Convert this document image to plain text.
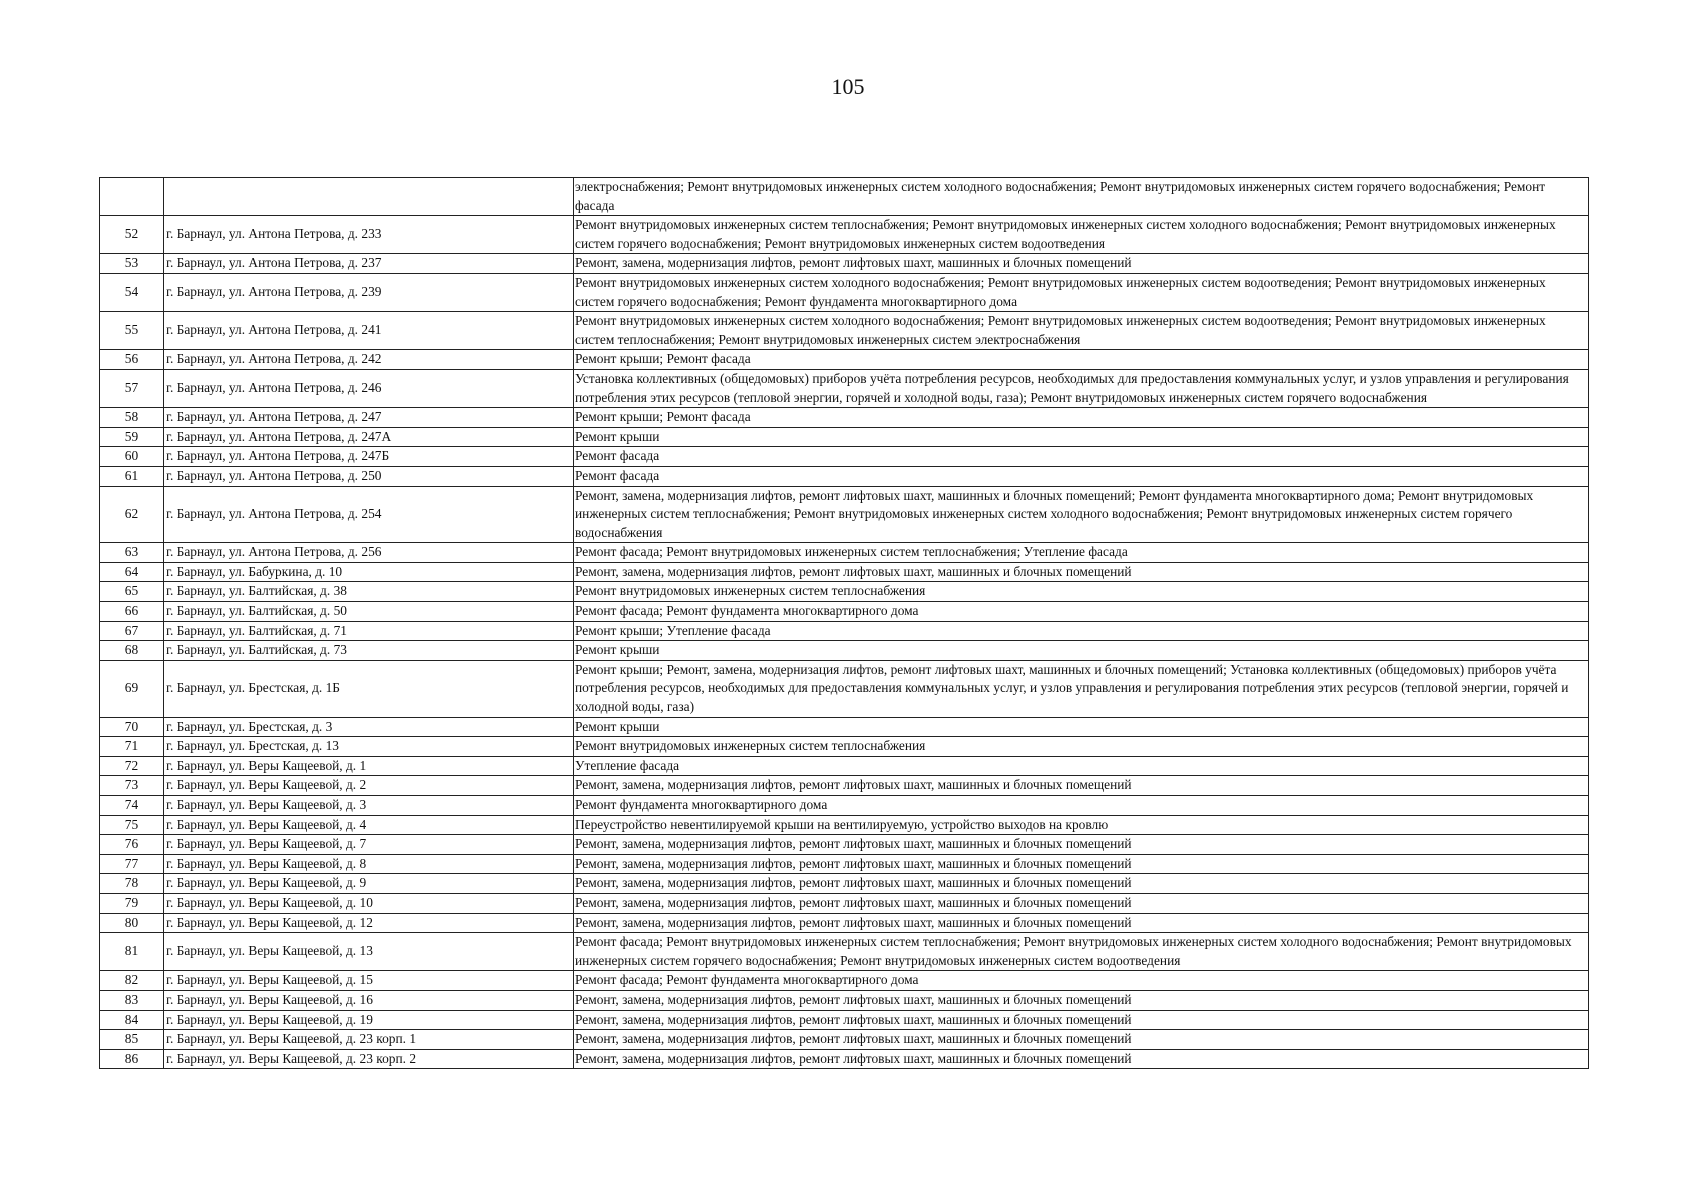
105
		электроснабжения; Ремонт внутридомовых инженерных систем холодного водоснабжения; Ремонт внутридомовых инженерных систем горячего водоснабжения; Ремонт фасада
52	г. Барнаул, ул. Антона Петрова, д. 233	Ремонт внутридомовых инженерных систем теплоснабжения; Ремонт внутридомовых инженерных систем холодного водоснабжения; Ремонт внутридомовых инженерных систем горячего водоснабжения; Ремонт внутридомовых инженерных систем водоотведения
53	г. Барнаул, ул. Антона Петрова, д. 237	Ремонт, замена, модернизация лифтов, ремонт лифтовых шахт, машинных и блочных помещений
54	г. Барнаул, ул. Антона Петрова, д. 239	Ремонт внутридомовых инженерных систем холодного водоснабжения; Ремонт внутридомовых инженерных систем водоотведения; Ремонт внутридомовых инженерных систем горячего водоснабжения; Ремонт фундамента многоквартирного дома
55	г. Барнаул, ул. Антона Петрова, д. 241	Ремонт внутридомовых инженерных систем холодного водоснабжения; Ремонт внутридомовых инженерных систем водоотведения; Ремонт внутридомовых инженерных систем теплоснабжения; Ремонт внутридомовых инженерных систем электроснабжения
56	г. Барнаул, ул. Антона Петрова, д. 242	Ремонт крыши; Ремонт фасада
57	г. Барнаул, ул. Антона Петрова, д. 246	Установка коллективных (общедомовых) приборов учёта потребления ресурсов, необходимых для предоставления коммунальных услуг, и узлов управления и регулирования потребления этих ресурсов (тепловой энергии, горячей и холодной воды, газа); Ремонт внутридомовых инженерных систем горячего водоснабжения
58	г. Барнаул, ул. Антона Петрова, д. 247	Ремонт крыши; Ремонт фасада
59	г. Барнаул, ул. Антона Петрова, д. 247А	Ремонт крыши
60	г. Барнаул, ул. Антона Петрова, д. 247Б	Ремонт фасада
61	г. Барнаул, ул. Антона Петрова, д. 250	Ремонт фасада
62	г. Барнаул, ул. Антона Петрова, д. 254	Ремонт, замена, модернизация лифтов, ремонт лифтовых шахт, машинных и блочных помещений; Ремонт фундамента многоквартирного дома; Ремонт внутридомовых инженерных систем теплоснабжения; Ремонт внутридомовых инженерных систем холодного водоснабжения; Ремонт внутридомовых инженерных систем горячего водоснабжения
63	г. Барнаул, ул. Антона Петрова, д. 256	Ремонт фасада; Ремонт внутридомовых инженерных систем теплоснабжения; Утепление фасада
64	г. Барнаул, ул. Бабуркина, д. 10	Ремонт, замена, модернизация лифтов, ремонт лифтовых шахт, машинных и блочных помещений
65	г. Барнаул, ул. Балтийская, д. 38	Ремонт внутридомовых инженерных систем теплоснабжения
66	г. Барнаул, ул. Балтийская, д. 50	Ремонт фасада; Ремонт фундамента многоквартирного дома
67	г. Барнаул, ул. Балтийская, д. 71	Ремонт крыши; Утепление фасада
68	г. Барнаул, ул. Балтийская, д. 73	Ремонт крыши
69	г. Барнаул, ул. Брестская, д. 1Б	Ремонт крыши; Ремонт, замена, модернизация лифтов, ремонт лифтовых шахт, машинных и блочных помещений; Установка коллективных (общедомовых) приборов учёта потребления ресурсов, необходимых для предоставления коммунальных услуг, и узлов управления и регулирования потребления этих ресурсов (тепловой энергии, горячей и холодной воды, газа)
70	г. Барнаул, ул. Брестская, д. 3	Ремонт крыши
71	г. Барнаул, ул. Брестская, д. 13	Ремонт внутридомовых инженерных систем теплоснабжения
72	г. Барнаул, ул. Веры Кащеевой, д. 1	Утепление фасада
73	г. Барнаул, ул. Веры Кащеевой, д. 2	Ремонт, замена, модернизация лифтов, ремонт лифтовых шахт, машинных и блочных помещений
74	г. Барнаул, ул. Веры Кащеевой, д. 3	Ремонт фундамента многоквартирного дома
75	г. Барнаул, ул. Веры Кащеевой, д. 4	Переустройство невентилируемой крыши на вентилируемую, устройство выходов на кровлю
76	г. Барнаул, ул. Веры Кащеевой, д. 7	Ремонт, замена, модернизация лифтов, ремонт лифтовых шахт, машинных и блочных помещений
77	г. Барнаул, ул. Веры Кащеевой, д. 8	Ремонт, замена, модернизация лифтов, ремонт лифтовых шахт, машинных и блочных помещений
78	г. Барнаул, ул. Веры Кащеевой, д. 9	Ремонт, замена, модернизация лифтов, ремонт лифтовых шахт, машинных и блочных помещений
79	г. Барнаул, ул. Веры Кащеевой, д. 10	Ремонт, замена, модернизация лифтов, ремонт лифтовых шахт, машинных и блочных помещений
80	г. Барнаул, ул. Веры Кащеевой, д. 12	Ремонт, замена, модернизация лифтов, ремонт лифтовых шахт, машинных и блочных помещений
81	г. Барнаул, ул. Веры Кащеевой, д. 13	Ремонт фасада; Ремонт внутридомовых инженерных систем теплоснабжения; Ремонт внутридомовых инженерных систем холодного водоснабжения; Ремонт внутридомовых инженерных систем горячего водоснабжения; Ремонт внутридомовых инженерных систем водоотведения
82	г. Барнаул, ул. Веры Кащеевой, д. 15	Ремонт фасада; Ремонт фундамента многоквартирного дома
83	г. Барнаул, ул. Веры Кащеевой, д. 16	Ремонт, замена, модернизация лифтов, ремонт лифтовых шахт, машинных и блочных помещений
84	г. Барнаул, ул. Веры Кащеевой, д. 19	Ремонт, замена, модернизация лифтов, ремонт лифтовых шахт, машинных и блочных помещений
85	г. Барнаул, ул. Веры Кащеевой, д. 23 корп. 1	Ремонт, замена, модернизация лифтов, ремонт лифтовых шахт, машинных и блочных помещений
86	г. Барнаул, ул. Веры Кащеевой, д. 23 корп. 2	Ремонт, замена, модернизация лифтов, ремонт лифтовых шахт, машинных и блочных помещений
